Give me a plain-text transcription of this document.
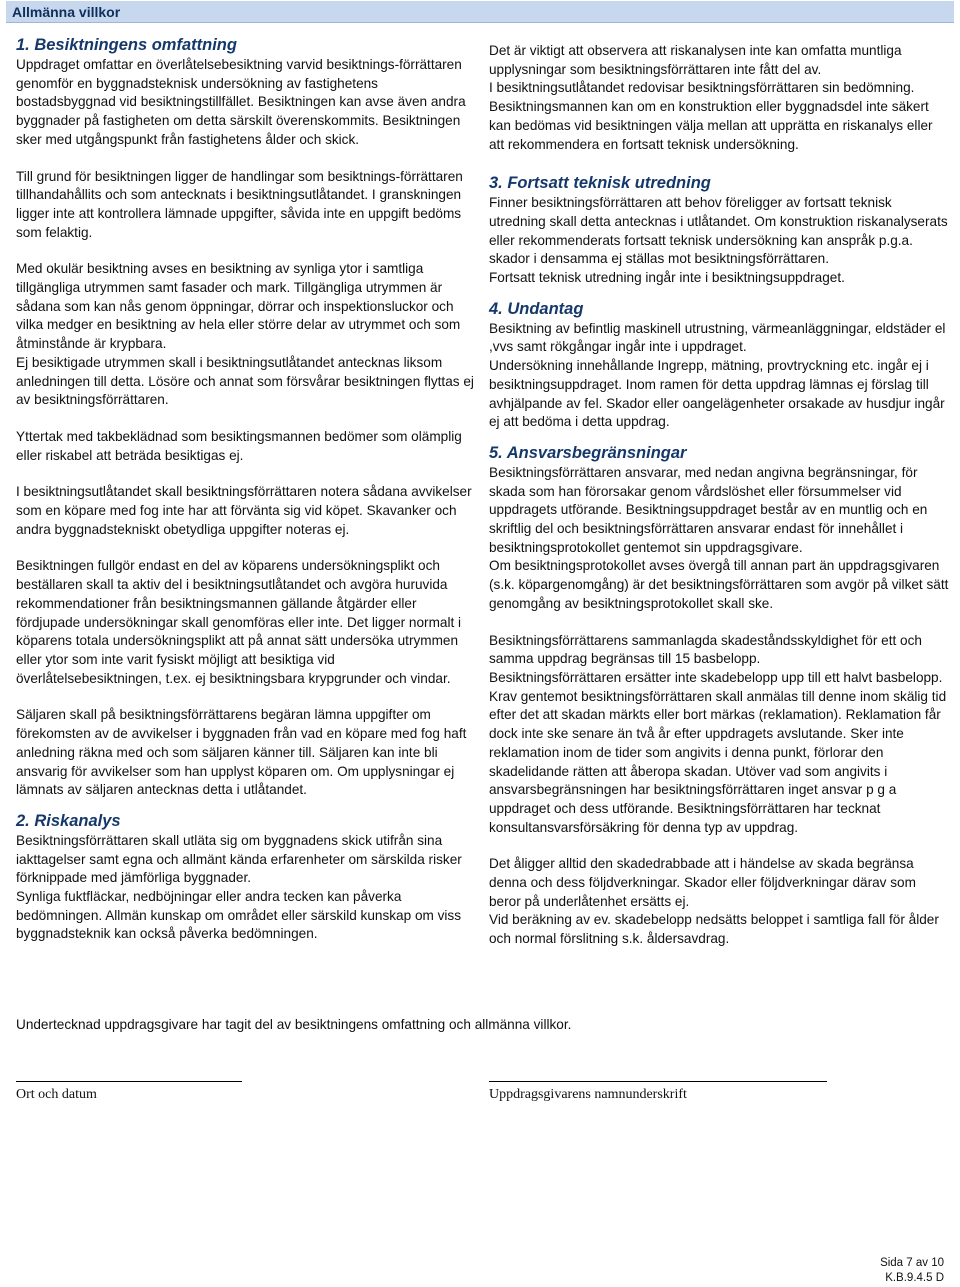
Allmänna villkor
1. Besiktningens omfattning

Uppdraget omfattar en överlåtelsebesiktning varvid besiktnings-förrättaren genomför en byggnadsteknisk undersökning av fastighetens bostadsbyggnad vid besiktningstillfället. Besiktningen kan avse även andra byggnader på fastigheten om detta särskilt överenskommits. Besiktningen sker med utgångspunkt från fastighetens ålder och skick.

Till grund för besiktningen ligger de handlingar som besiktnings-förrättaren tillhandahållits och som antecknats i besiktningsutlåtandet. I granskningen ligger inte att kontrollera lämnade uppgifter, såvida inte en uppgift bedöms som felaktig.

Med okulär besiktning avses en besiktning av synliga ytor i samtliga tillgängliga utrymmen samt fasader och mark. Tillgängliga utrymmen är sådana som kan nås genom öppningar, dörrar och inspektionsluckor och vilka medger en besiktning av hela eller större delar av utrymmet och som åtminstånde är krypbara.

Ej besiktigade utrymmen skall i besiktningsutlåtandet antecknas liksom anledningen till detta. Lösöre och annat som försvårar besiktningen flyttas ej av besiktningsförrättaren.

Yttertak med takbeklädnad som besiktingsmannen bedömer som olämplig eller riskabel att beträda besiktigas ej.

I besiktningsutlåtandet skall besiktningsförrättaren notera sådana avvikelser som en köpare med fog inte har att förvänta sig vid köpet. Skavanker och andra byggnadstekniskt obetydliga uppgifter noteras ej.

Besiktningen fullgör endast en del av köparens undersökningsplikt och beställaren skall ta aktiv del i besiktningsutlåtandet och avgöra huruvida rekommendationer från besiktningsmannen gällande åtgärder eller fördjupade undersökningar skall genomföras eller inte. Det ligger normalt i köparens totala undersökningsplikt att på annat sätt undersöka utrymmen eller ytor som inte varit fysiskt möjligt att besiktiga vid överlåtelsebesiktningen, t.ex. ej besiktningsbara krypgrunder och vindar.

Säljaren skall på besiktningsförrättarens begäran lämna uppgifter om förekomsten av de avvikelser i byggnaden från vad en köpare med fog haft anledning räkna med och som säljaren känner till. Säljaren kan inte bli ansvarig för avvikelser som han upplyst köparen om. Om upplysningar ej lämnats av säljaren antecknas detta i utlåtandet.

2. Riskanalys

Besiktningsförrättaren skall utläta sig om byggnadens skick utifrån sina iakttagelser samt egna och allmänt kända erfarenheter om särskilda risker förknippade med jämförliga byggnader.

Synliga fuktfläckar, nedböjningar eller andra tecken kan påverka bedömningen. Allmän kunskap om området eller särskild kunskap om viss byggnadsteknik kan också påverka bedömningen.

Det är viktigt att observera att riskanalysen inte kan omfatta muntliga upplysningar som besiktningsförrättaren inte fått del av.

I besiktningsutlåtandet redovisar besiktningsförrättaren sin bedömning.

Besiktningsmannen kan om en konstruktion eller byggnadsdel inte säkert kan bedömas vid besiktningen välja mellan att upprätta en riskanalys eller att rekommendera en fortsatt teknisk undersökning.

3. Fortsatt teknisk utredning

Finner besiktningsförrättaren att behov föreligger av fortsatt teknisk utredning skall detta antecknas i utlåtandet. Om konstruktion riskanalyserats eller rekommenderats fortsatt teknisk undersökning kan anspråk p.g.a. skador i densamma ej ställas mot besiktningsförrättaren.

Fortsatt teknisk utredning ingår inte i besiktningsuppdraget.

4. Undantag

Besiktning av befintlig maskinell utrustning, värmeanläggningar, eldstäder el ,vvs samt rökgångar ingår inte i uppdraget.

Undersökning innehållande Ingrepp, mätning, provtryckning etc. ingår ej i besiktningsuppdraget. Inom ramen för detta uppdrag lämnas ej förslag till avhjälpande av fel. Skador eller oangelägenheter orsakade av husdjur ingår ej att bedöma i detta uppdrag.

5. Ansvarsbegränsningar

Besiktningsförrättaren ansvarar, med nedan angivna begränsningar, för skada som han förorsakar genom vårdslöshet eller försummelser vid uppdragets utförande. Besiktningsuppdraget består av en muntlig och en skriftlig del och besiktningsförrättaren ansvarar endast för innehållet i besiktningsprotokollet gentemot sin uppdragsgivare.

Om besiktningsprotokollet avses övergå till annan part än uppdragsgivaren (s.k. köpargenomgång) är det besiktningsförrättaren som avgör på vilket sätt genomgång av besiktningsprotokollet skall ske.

Besiktningsförrättarens sammanlagda skadeståndsskyldighet för ett och samma uppdrag begränsas till 15 basbelopp.

Besiktningsförrättaren ersätter inte skadebelopp upp till ett halvt basbelopp. Krav gentemot besiktningsförrättaren skall anmälas till denne inom skälig tid efter det att skadan märkts eller bort märkas (reklamation). Reklamation får dock inte ske senare än två år efter uppdragets avslutande. Sker inte reklamation inom de tider som angivits i denna punkt, förlorar den skadelidande rätten att åberopa skadan. Utöver vad som angivits i ansvarsbegränsningen har besiktningsförrättaren inget ansvar p g a uppdraget och dess utförande. Besiktningsförrättaren har tecknat konsultansvarsförsäkring för denna typ av uppdrag.

Det åligger alltid den skadedrabbade att i händelse av skada begränsa denna och dess följdverkningar. Skador eller följdverkningar därav som beror på underlåtenhet ersätts ej.

Vid beräkning av ev. skadebelopp nedsätts beloppet i samtliga fall för ålder och normal förslitning s.k. åldersavdrag.

Undertecknad uppdragsgivare har tagit del av besiktningens omfattning och allmänna villkor.
Ort och datum	Uppdragsgivarens namnunderskrift
Sida 7 av 10
K.B.9.4.5 D
